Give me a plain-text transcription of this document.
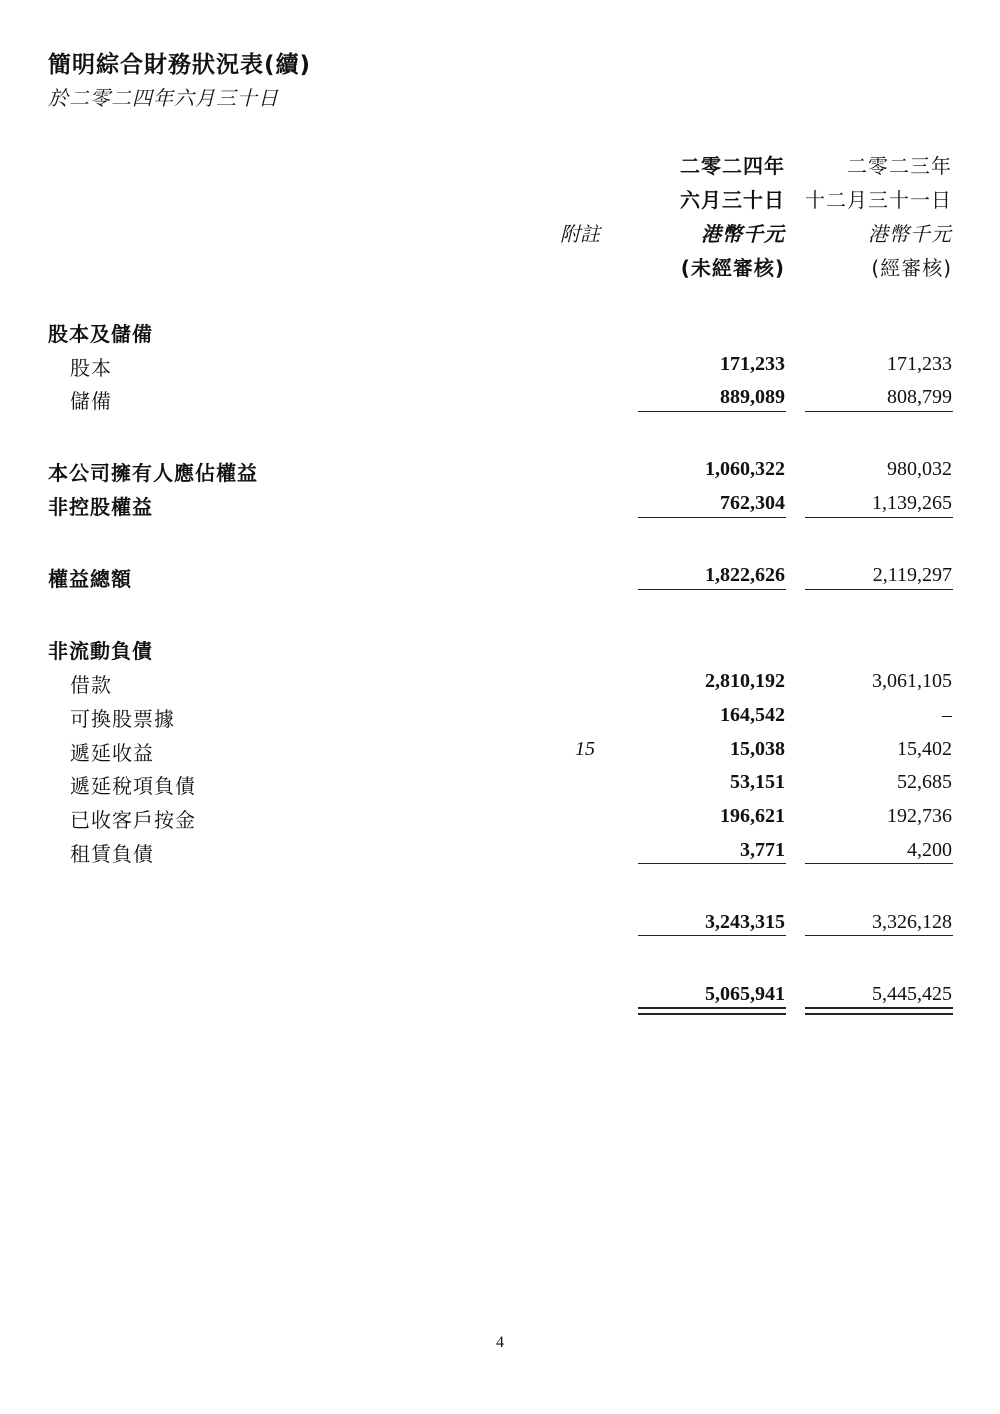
簡明綜合財務狀況表(續)
於二零二四年六月三十日
二零二四年	二零二三年
六月三十日	十二月三十一日
附註	港幣千元	港幣千元
(未經審核)	(經審核)
股本及儲備
股本	171,233	171,233
儲備	889,089	808,799
本公司擁有人應佔權益	1,060,322	980,032
非控股權益	762,304	1,139,265
權益總額	1,822,626	2,119,297
非流動負債
借款	2,810,192	3,061,105
可換股票據	164,542	–
遞延收益	15	15,038	15,402
遞延稅項負債	53,151	52,685
已收客戶按金	196,621	192,736
租賃負債	3,771	4,200
3,243,315	3,326,128
5,065,941	5,445,425
4
